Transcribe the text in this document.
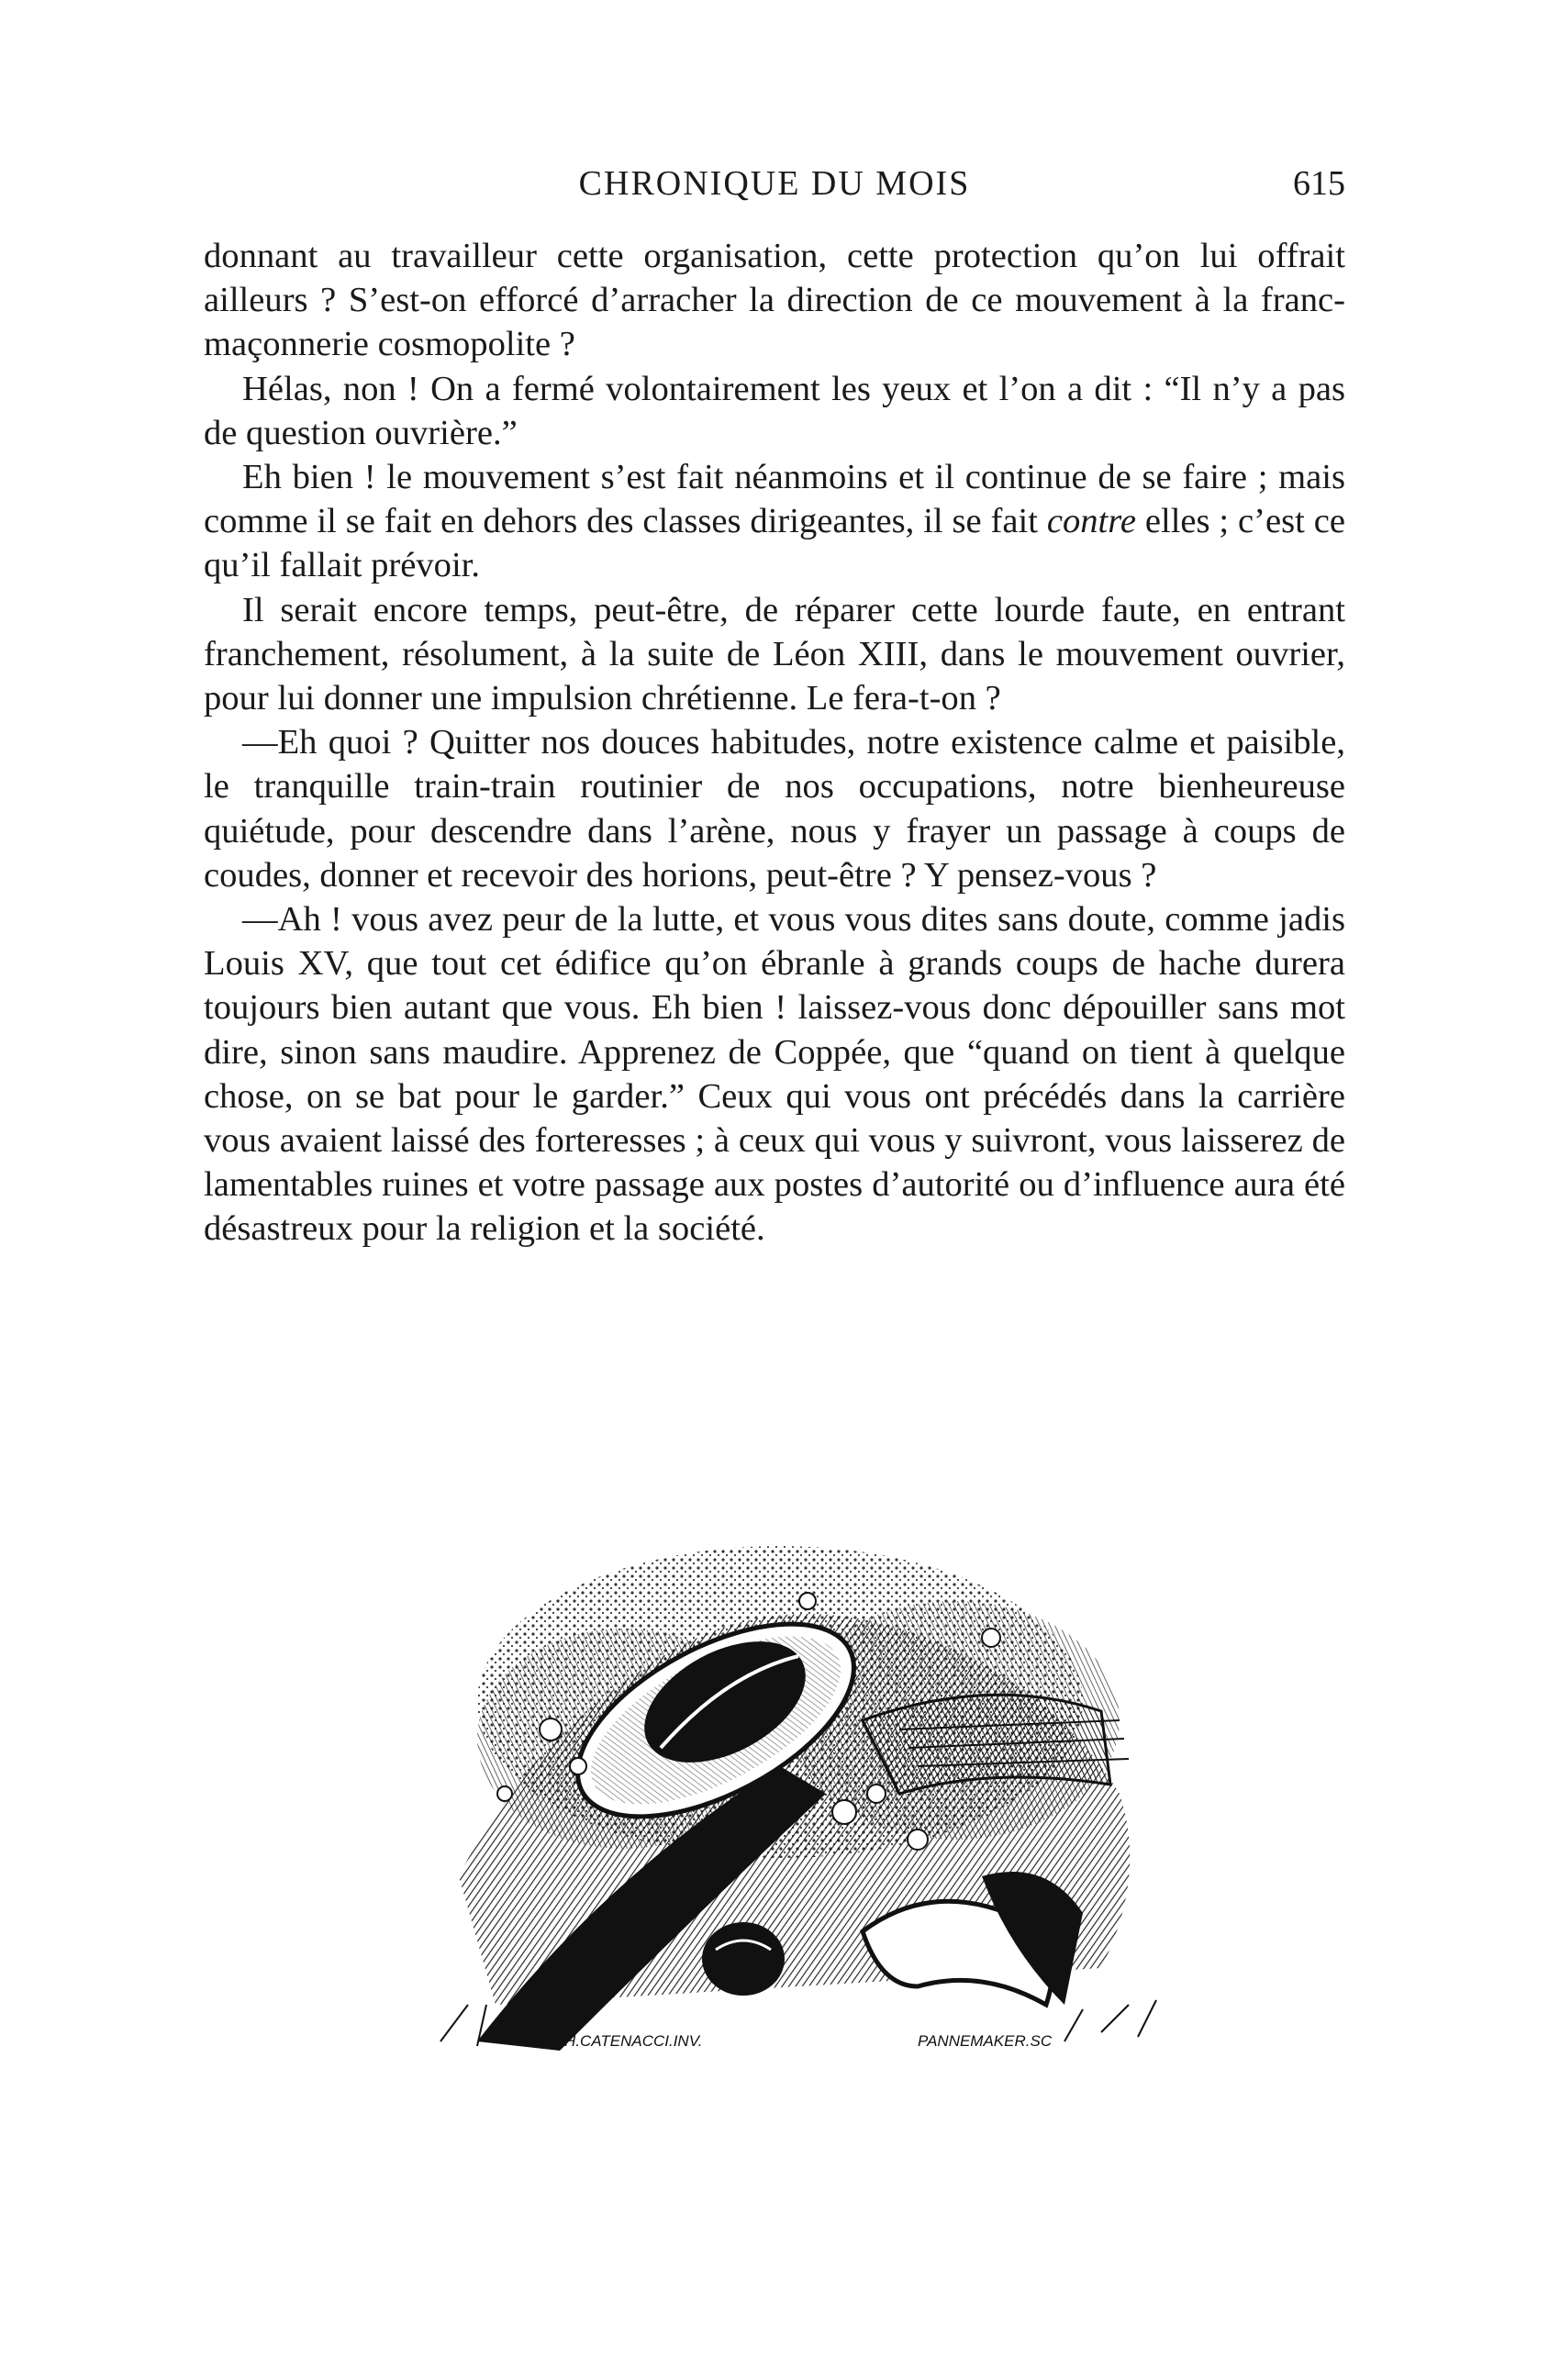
CHRONIQUE DU MOIS	615

donnant au travailleur cette organisation, cette protection qu’on lui offrait ailleurs ? S’est-on efforcé d’arracher la direction de ce mouvement à la franc-maçonnerie cosmopolite ?

Hélas, non ! On a fermé volontairement les yeux et l’on a dit : “Il n’y a pas de question ouvrière.”

Eh bien ! le mouvement s’est fait néanmoins et il continue de se faire ; mais comme il se fait en dehors des classes dirigeantes, il se fait contre elles ; c’est ce qu’il fallait prévoir.

Il serait encore temps, peut-être, de réparer cette lourde faute, en entrant franchement, résolument, à la suite de Léon XIII, dans le mouvement ouvrier, pour lui donner une impulsion chrétienne. Le fera-t-on ?

—Eh quoi ? Quitter nos douces habitudes, notre existence calme et paisible, le tranquille train-train routinier de nos occupations, notre bienheureuse quiétude, pour descendre dans l’arène, nous y frayer un passage à coups de coudes, donner et recevoir des horions, peut-être ? Y pensez-vous ?

—Ah ! vous avez peur de la lutte, et vous vous dites sans doute, comme jadis Louis XV, que tout cet édifice qu’on ébranle à grands coups de hache durera toujours bien autant que vous. Eh bien ! laissez-vous donc dépouiller sans mot dire, sinon sans maudire. Apprenez de Coppée, que “quand on tient à quelque chose, on se bat pour le garder.” Ceux qui vous ont précédés dans la carrière vous avaient laissé des forteresses ; à ceux qui vous y suivront, vous laisserez de lamentables ruines et votre passage aux postes d’autorité ou d’influence aura été désastreux pour la religion et la société.

H.CATENACCI.INV.	PANNEMAKER.SC
